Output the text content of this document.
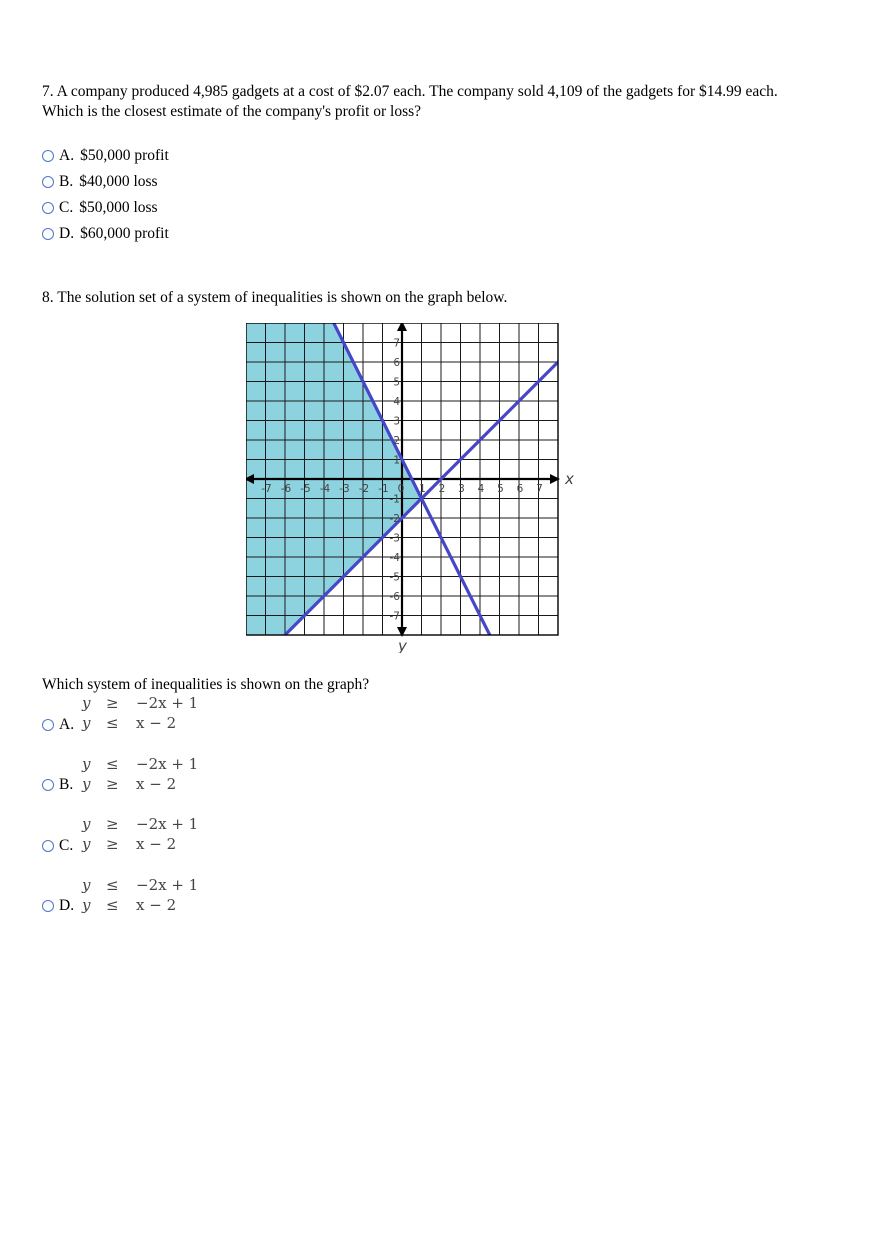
7. A company produced 4,985 gadgets at a cost of $2.07 each. The company sold 4,109 of the gadgets for $14.99 each. Which is the closest estimate of the company's profit or loss?
A. $50,000 profit
B. $40,000 loss
C. $50,000 loss
D. $60,000 profit
8. The solution set of a system of inequalities is shown on the graph below.
-7 -6 -5 -4 -3 -2 -1 0 1 2 3 4 5 6 7
7
6
5
4
3
2
1
-1
-2
-3
-4
-5
-6
-7
x
y
Which system of inequalities is shown on the graph?
A.
y ≥ −2x + 1
y ≤ x − 2
B.
y ≤ −2x + 1
y ≥ x − 2
C.
y ≥ −2x + 1
y ≥ x − 2
D.
y ≤ −2x + 1
y ≤ x − 2
